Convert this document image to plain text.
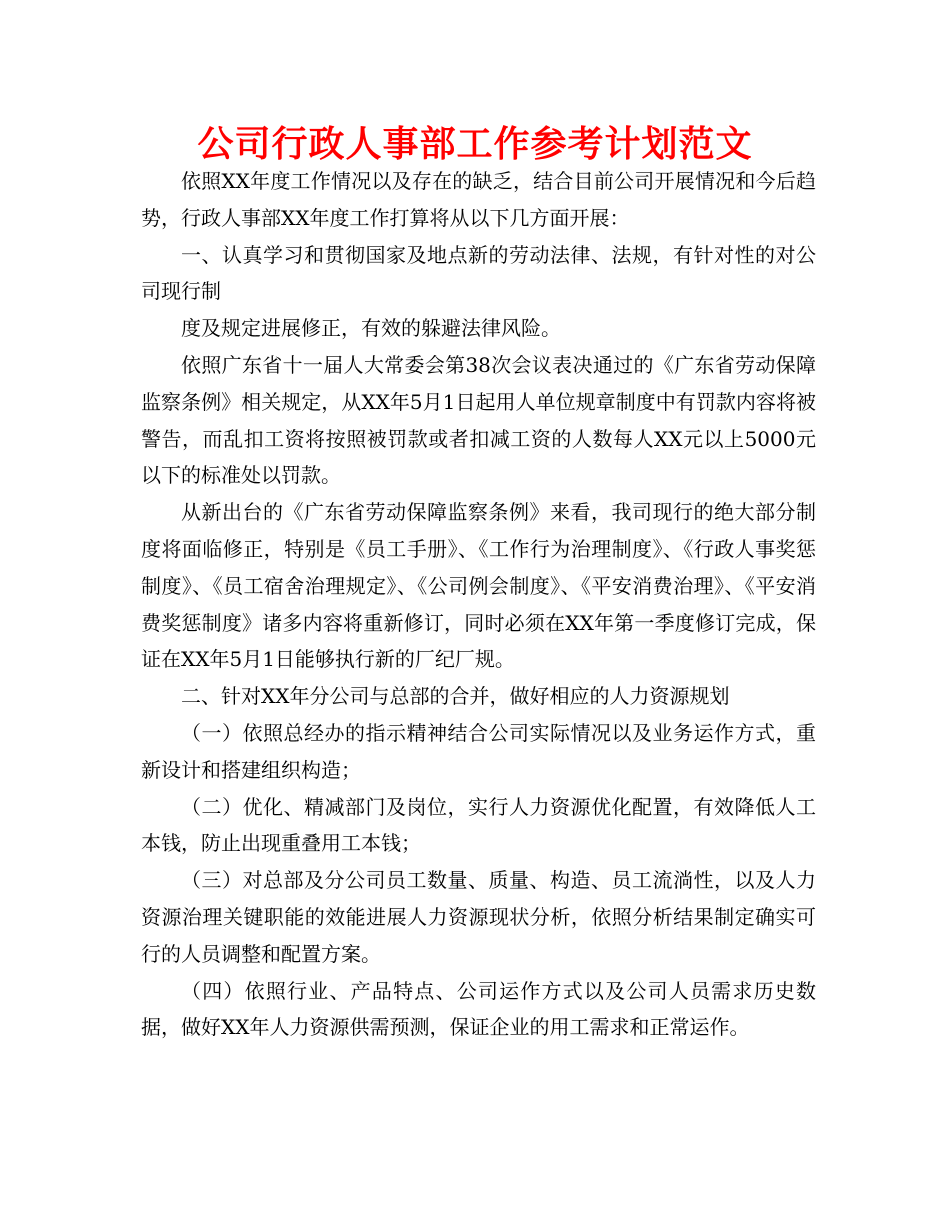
公司行政人事部工作参考计划范文

依照XX年度工作情况以及存在的缺乏，结合目前公司开展情况和今后趋势，行政人事部XX年度工作打算将从以下几方面开展：

一、认真学习和贯彻国家及地点新的劳动法律、法规，有针对性的对公司现行制

度及规定进展修正，有效的躲避法律风险。

依照广东省十一届人大常委会第38次会议表决通过的《广东省劳动保障监察条例》相关规定，从XX年5月1日起用人单位规章制度中有罚款内容将被警告，而乱扣工资将按照被罚款或者扣减工资的人数每人XX元以上5000元以下的标准处以罚款。

从新出台的《广东省劳动保障监察条例》来看，我司现行的绝大部分制度将面临修正，特别是《员工手册》、《工作行为治理制度》、《行政人事奖惩制度》、《员工宿舍治理规定》、《公司例会制度》、《平安消费治理》、《平安消费奖惩制度》诸多内容将重新修订，同时必须在XX年第一季度修订完成，保证在XX年5月1日能够执行新的厂纪厂规。

二、针对XX年分公司与总部的合并，做好相应的人力资源规划

（一）依照总经办的指示精神结合公司实际情况以及业务运作方式，重新设计和搭建组织构造；

（二）优化、精减部门及岗位，实行人力资源优化配置，有效降低人工本钱，防止出现重叠用工本钱；

（三）对总部及分公司员工数量、质量、构造、员工流淌性，以及人力资源治理关键职能的效能进展人力资源现状分析，依照分析结果制定确实可行的人员调整和配置方案。

（四）依照行业、产品特点、公司运作方式以及公司人员需求历史数据，做好XX年人力资源供需预测，保证企业的用工需求和正常运作。
